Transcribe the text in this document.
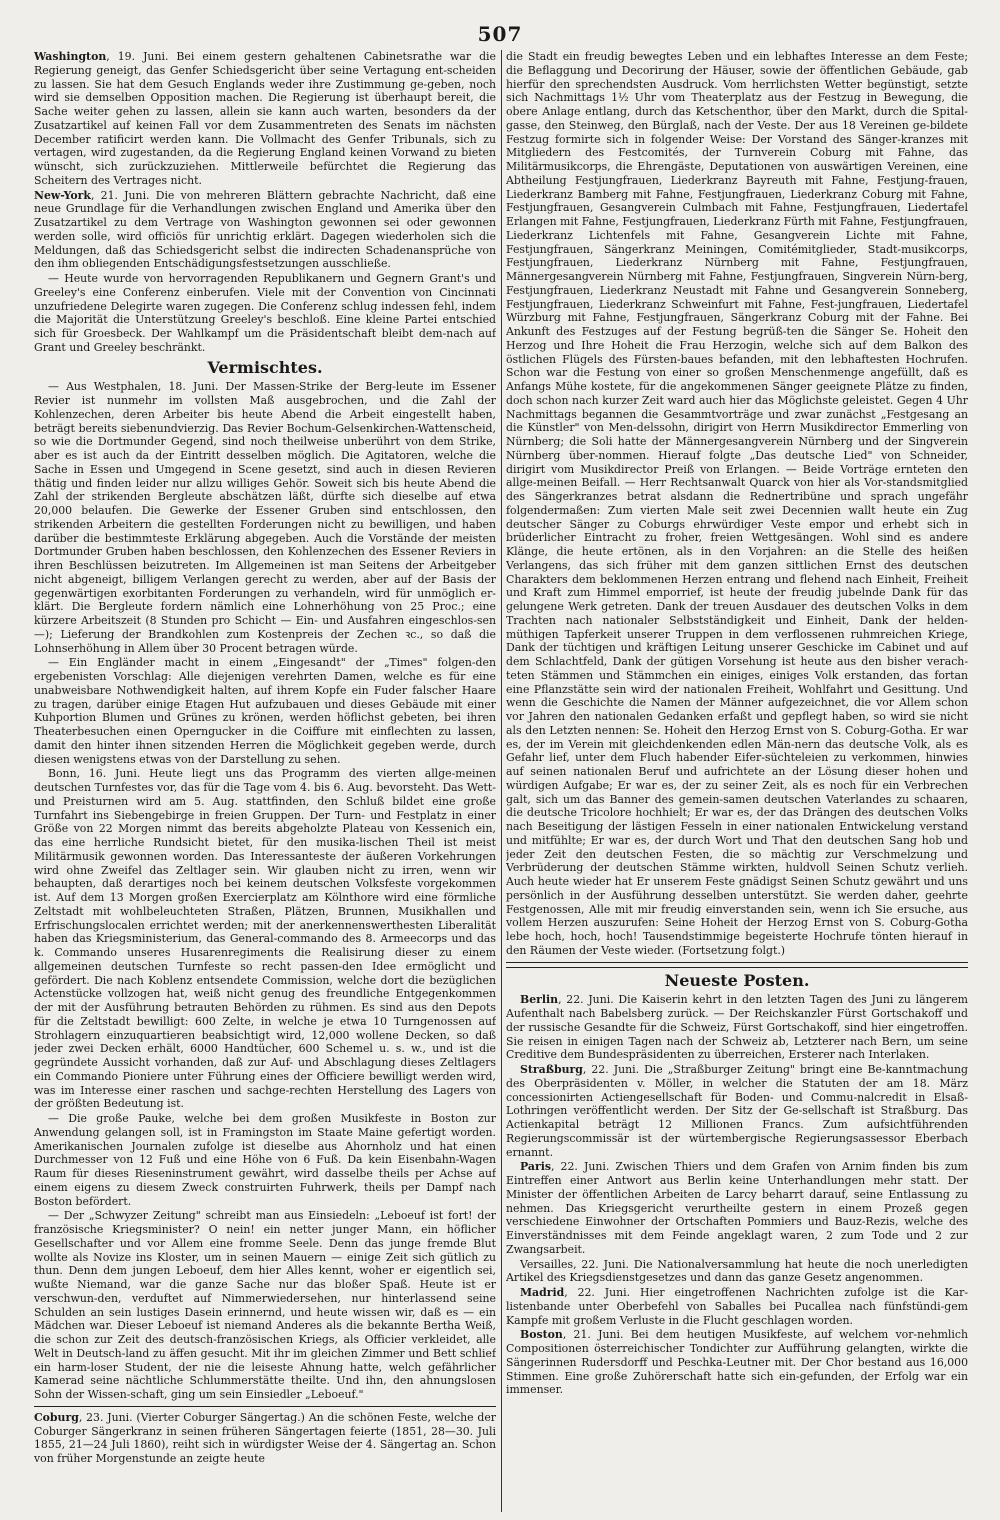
507

Washington, 19. Juni. Bei einem gestern gehaltenen Cabinetsrathe war die Regierung geneigt, das Genfer Schiedsgericht über seine Vertagung ent-scheiden zu lassen. Sie hat dem Gesuch Englands weder ihre Zustimmung ge-geben, noch wird sie demselben Opposition machen. Die Regierung ist überhaupt bereit, die Sache weiter gehen zu lassen, allein sie kann auch warten, besonders da der Zusatzartikel auf keinen Fall vor dem Zusammentreten des Senats im nächsten December ratificirt werden kann. Die Vollmacht des Genfer Tribunals, sich zu vertagen, wird zugestanden, da die Regierung England keinen Vorwand zu bieten wünscht, sich zurückzuziehen. Mittlerweile befürchtet die Regierung das Scheitern des Vertrages nicht.

New-York, 21. Juni. Die von mehreren Blättern gebrachte Nachricht, daß eine neue Grundlage für die Verhandlungen zwischen England und Amerika über den Zusatzartikel zu dem Vertrage von Washington gewonnen sei oder gewonnen werden solle, wird officiös für unrichtig erklärt. Dagegen wiederholen sich die Meldungen, daß das Schiedsgericht selbst die indirecten Schadenansprüche von den ihm obliegenden Entschädigungsfestsetzungen ausschließe.

— Heute wurde von hervorragenden Republikanern und Gegnern Grant's und Greeley's eine Conferenz einberufen. Viele mit der Convention von Cincinnati unzufriedene Delegirte waren zugegen. Die Conferenz schlug indessen fehl, indem die Majorität die Unterstützung Greeley's beschloß. Eine kleine Partei entschied sich für Groesbeck. Der Wahlkampf um die Präsidentschaft bleibt dem-nach auf Grant und Greeley beschränkt.

Vermischtes.

— Aus Westphalen, 18. Juni. Der Massen-Strike der Berg-leute im Essener Revier ist nunmehr im vollsten Maß ausgebrochen, und die Zahl der Kohlenzechen, deren Arbeiter bis heute Abend die Arbeit eingestellt haben, beträgt bereits siebenundvierzig. Das Revier Bochum-Gelsenkirchen-Wattenscheid, so wie die Dortmunder Gegend, sind noch theilweise unberührt von dem Strike, aber es ist auch da der Eintritt desselben möglich. Die Agitatoren, welche die Sache in Essen und Umgegend in Scene gesetzt, sind auch in diesen Revieren thätig und finden leider nur allzu williges Gehör. Soweit sich bis heute Abend die Zahl der strikenden Bergleute abschätzen läßt, dürfte sich dieselbe auf etwa 20,000 belaufen. Die Gewerke der Essener Gruben sind entschlossen, den strikenden Arbeitern die gestellten Forderungen nicht zu bewilligen, und haben darüber die bestimmteste Erklärung abgegeben. Auch die Vorstände der meisten Dortmunder Gruben haben beschlossen, den Kohlenzechen des Essener Reviers in ihren Beschlüssen beizutreten. Im Allgemeinen ist man Seitens der Arbeitgeber nicht abgeneigt, billigem Verlangen gerecht zu werden, aber auf der Basis der gegenwärtigen exorbitanten Forderungen zu verhandeln, wird für unmöglich er-klärt. Die Bergleute fordern nämlich eine Lohnerhöhung von 25 Proc.; eine kürzere Arbeitszeit (8 Stunden pro Schicht — Ein- und Ausfahren eingeschlos-sen —); Lieferung der Brandkohlen zum Kostenpreis der Zechen ꝛc., so daß die Lohnserhöhung in Allem über 30 Procent betragen würde.

— Ein Engländer macht in einem „Eingesandt" der „Times" folgen-den ergebenisten Vorschlag: Alle diejenigen verehrten Damen, welche es für eine unabweisbare Nothwendigkeit halten, auf ihrem Kopfe ein Fuder falscher Haare zu tragen, darüber einige Etagen Hut aufzubauen und dieses Gebäude mit einer Kuhportion Blumen und Grünes zu krönen, werden höflichst gebeten, bei ihren Theaterbesuchen einen Operngucker in die Coiffure mit einflechten zu lassen, damit den hinter ihnen sitzenden Herren die Möglichkeit gegeben werde, durch diesen wenigstens etwas von der Darstellung zu sehen.

Bonn, 16. Juni. Heute liegt uns das Programm des vierten allge-meinen deutschen Turnfestes vor, das für die Tage vom 4. bis 6. Aug. bevorsteht. Das Wett- und Preisturnen wird am 5. Aug. stattfinden, den Schluß bildet eine große Turnfahrt ins Siebengebirge in freien Gruppen. Der Turn- und Festplatz in einer Größe von 22 Morgen nimmt das bereits abgeholzte Plateau von Kessenich ein, das eine herrliche Rundsicht bietet, für den musika-lischen Theil ist meist Militärmusik gewonnen worden. Das Interessanteste der äußeren Vorkehrungen wird ohne Zweifel das Zeltlager sein. Wir glauben nicht zu irren, wenn wir behaupten, daß derartiges noch bei keinem deutschen Volksfeste vorgekommen ist. Auf dem 13 Morgen großen Exercierplatz am Kölnthore wird eine förmliche Zeltstadt mit wohlbeleuchteten Straßen, Plätzen, Brunnen, Musikhallen und Erfrischungslocalen errichtet werden; mit der anerkennenswerthesten Liberalität haben das Kriegsministerium, das General-commando des 8. Armeecorps und das k. Commando unseres Husarenregiments die Realisirung dieser zu einem allgemeinen deutschen Turnfeste so recht passen-den Idee ermöglicht und gefördert. Die nach Koblenz entsendete Commission, welche dort die bezüglichen Actenstücke vollzogen hat, weiß nicht genug des freundliche Entgegenkommen der mit der Ausführung betrauten Behörden zu rühmen. Es sind aus den Depots für die Zeltstadt bewilligt: 600 Zelte, in welche je etwa 10 Turngenossen auf Strohlagern einzuquartieren beabsichtigt wird, 12,000 wollene Decken, so daß jeder zwei Decken erhält, 6000 Handtücher, 600 Schemel u. s. w., und ist die gegründete Aussicht vorhanden, daß zur Auf- und Abschlagung dieses Zeltlagers ein Commando Pioniere unter Führung eines der Officiere bewilligt werden wird, was im Interesse einer raschen und sachge-rechten Herstellung des Lagers von der größten Bedeutung ist.

— Die große Pauke, welche bei dem großen Musikfeste in Boston zur Anwendung gelangen soll, ist in Framingston im Staate Maine gefertigt worden. Amerikanischen Journalen zufolge ist dieselbe aus Ahornholz und hat einen Durchmesser von 12 Fuß und eine Höhe von 6 Fuß. Da kein Eisenbahn-Wagen Raum für dieses Rieseninstrument gewährt, wird dasselbe theils per Achse auf einem eigens zu diesem Zweck construirten Fuhrwerk, theils per Dampf nach Boston befördert.

— Der „Schwyzer Zeitung" schreibt man aus Einsiedeln: „Leboeuf ist fort! der französische Kriegsminister? O nein! ein netter junger Mann, ein höflicher Gesellschafter und vor Allem eine fromme Seele. Denn das junge fremde Blut wollte als Novize ins Kloster, um in seinen Mauern — einige Zeit sich gütlich zu thun. Denn dem jungen Leboeuf, dem hier Alles kennt, woher er eigentlich sei, wußte Niemand, war die ganze Sache nur das bloßer Spaß. Heute ist er verschwun-den, verduftet auf Nimmerwiedersehen, nur hinterlassend seine Schulden an sein lustiges Dasein erinnernd, und heute wissen wir, daß es — ein Mädchen war. Dieser Leboeuf ist niemand Anderes als die bekannte Bertha Weiß, die schon zur Zeit des deutsch-französischen Kriegs, als Officier verkleidet, alle Welt in Deutsch-land zu äffen gesucht. Mit ihr im gleichen Zimmer und Bett schlief ein harm-loser Student, der nie die leiseste Ahnung hatte, welch gefährlicher Kamerad seine nächtliche Schlummerstätte theilte. Und ihn, den ahnungslosen Sohn der Wissen-schaft, ging um sein Einsiedler „Leboeuf."

Coburg, 23. Juni. (Vierter Coburger Sängertag.) An die schönen Feste, welche der Coburger Sängerkranz in seinen früheren Sängertagen feierte (1851, 28—30. Juli 1855, 21—24 Juli 1860), reiht sich in würdigster Weise der 4. Sängertag an. Schon von früher Morgenstunde an zeigte heute

die Stadt ein freudig bewegtes Leben und ein lebhaftes Interesse an dem Feste; die Beflaggung und Decorirung der Häuser, sowie der öffentlichen Gebäude, gab hierfür den sprechendsten Ausdruck. Vom herrlichsten Wetter begünstigt, setzte sich Nachmittags 1½ Uhr vom Theaterplatz aus der Festzug in Bewegung, die obere Anlage entlang, durch das Ketschenthor, über den Markt, durch die Spital-gasse, den Steinweg, den Bürglaß, nach der Veste. Der aus 18 Vereinen ge-bildete Festzug formirte sich in folgender Weise: Der Vorstand des Sänger-kranzes mit Mitgliedern des Festcomités, der Turnverein Coburg mit Fahne, das Militärmusikcorps, die Ehrengäste, Deputationen von auswärtigen Vereinen, eine Abtheilung Festjungfrauen, Liederkranz Bayreuth mit Fahne, Festjung-frauen, Liederkranz Bamberg mit Fahne, Festjungfrauen, Liederkranz Coburg mit Fahne, Festjungfrauen, Gesangverein Culmbach mit Fahne, Festjungfrauen, Liedertafel Erlangen mit Fahne, Festjungfrauen, Liederkranz Fürth mit Fahne, Festjungfrauen, Liederkranz Lichtenfels mit Fahne, Gesangverein Lichte mit Fahne, Festjungfrauen, Sängerkranz Meiningen, Comitémitglieder, Stadt-musikcorps, Festjungfrauen, Liederkranz Nürnberg mit Fahne, Festjungfrauen, Männergesangverein Nürnberg mit Fahne, Festjungfrauen, Singverein Nürn-berg, Festjungfrauen, Liederkranz Neustadt mit Fahne und Gesangverein Sonneberg, Festjungfrauen, Liederkranz Schweinfurt mit Fahne, Fest-jungfrauen, Liedertafel Würzburg mit Fahne, Festjungfrauen, Sängerkranz Coburg mit der Fahne. Bei Ankunft des Festzuges auf der Festung begrüß-ten die Sänger Se. Hoheit den Herzog und Ihre Hoheit die Frau Herzogin, welche sich auf dem Balkon des östlichen Flügels des Fürsten-baues befanden, mit den lebhaftesten Hochrufen. Schon war die Festung von einer so großen Menschenmenge angefüllt, daß es Anfangs Mühe kostete, für die angekommenen Sänger geeignete Plätze zu finden, doch schon nach kurzer Zeit ward auch hier das Möglichste geleistet. Gegen 4 Uhr Nachmittags begannen die Gesammtvorträge und zwar zunächst „Festgesang an die Künstler" von Men-delssohn, dirigirt von Herrn Musikdirector Emmerling von Nürnberg; die Soli hatte der Männergesangverein Nürnberg und der Singverein Nürnberg über-nommen. Hierauf folgte „Das deutsche Lied" von Schneider, dirigirt vom Musikdirector Preiß von Erlangen. — Beide Vorträge ernteten den allge-meinen Beifall. — Herr Rechtsanwalt Quarck von hier als Vor-standsmitglied des Sängerkranzes betrat alsdann die Rednertribüne und sprach ungefähr folgendermaßen: Zum vierten Male seit zwei Decennien wallt heute ein Zug deutscher Sänger zu Coburgs ehrwürdiger Veste empor und erhebt sich in brüderlicher Eintracht zu froher, freien Wettgesängen. Wohl sind es andere Klänge, die heute ertönen, als in den Vorjahren: an die Stelle des heißen Verlangens, das sich früher mit dem ganzen sittlichen Ernst des deutschen Charakters dem beklommenen Herzen entrang und flehend nach Einheit, Freiheit und Kraft zum Himmel emporrief, ist heute der freudig jubelnde Dank für das gelungene Werk getreten. Dank der treuen Ausdauer des deutschen Volks in dem Trachten nach nationaler Selbstständigkeit und Einheit, Dank der helden-müthigen Tapferkeit unserer Truppen in dem verflossenen ruhmreichen Kriege, Dank der tüchtigen und kräftigen Leitung unserer Geschicke im Cabinet und auf dem Schlachtfeld, Dank der gütigen Vorsehung ist heute aus den bisher verach-teten Stämmen und Stämmchen ein einiges, einiges Volk erstanden, das fortan eine Pflanzstätte sein wird der nationalen Freiheit, Wohlfahrt und Gesittung. Und wenn die Geschichte die Namen der Männer aufgezeichnet, die vor Allem schon vor Jahren den nationalen Gedanken erfaßt und gepflegt haben, so wird sie nicht als den Letzten nennen: Se. Hoheit den Herzog Ernst von S. Coburg-Gotha. Er war es, der im Verein mit gleichdenkenden edlen Män-nern das deutsche Volk, als es Gefahr lief, unter dem Fluch habender Eifer-süchteleien zu verkommen, hinwies auf seinen nationalen Beruf und aufrichtete an der Lösung dieser hohen und würdigen Aufgabe; Er war es, der zu seiner Zeit, als es noch für ein Verbrechen galt, sich um das Banner des gemein-samen deutschen Vaterlandes zu schaaren, die deutsche Tricolore hochhielt; Er war es, der das Drängen des deutschen Volks nach Beseitigung der lästigen Fesseln in einer nationalen Entwickelung verstand und mitfühlte; Er war es, der durch Wort und That den deutschen Sang hob und jeder Zeit den deutschen Festen, die so mächtig zur Verschmelzung und Verbrüderung der deutschen Stämme wirkten, huldvoll Seinen Schutz verlieh. Auch heute wieder hat Er unserem Feste gnädigst Seinen Schutz gewährt und uns persönlich in der Ausführung desselben unterstützt. Sie werden daher, geehrte Festgenossen, Alle mit mir freudig einverstanden sein, wenn ich Sie ersuche, aus vollem Herzen auszurufen: Seine Hoheit der Herzog Ernst von S. Coburg-Gotha lebe hoch, hoch, hoch! Tausendstimmige begeisterte Hochrufe tönten hierauf in den Räumen der Veste wieder. (Fortsetzung folgt.)

Neueste Posten.

Berlin, 22. Juni. Die Kaiserin kehrt in den letzten Tagen des Juni zu längerem Aufenthalt nach Babelsberg zurück. — Der Reichskanzler Fürst Gortschakoff und der russische Gesandte für die Schweiz, Fürst Gortschakoff, sind hier eingetroffen. Sie reisen in einigen Tagen nach der Schweiz ab, Letzterer nach Bern, um seine Creditive dem Bundespräsidenten zu überreichen, Ersterer nach Interlaken.

Straßburg, 22. Juni. Die „Straßburger Zeitung" bringt eine Be-kanntmachung des Oberpräsidenten v. Möller, in welcher die Statuten der am 18. März concessionirten Actiengesellschaft für Boden- und Commu-nalcredit in Elsaß-Lothringen veröffentlicht werden. Der Sitz der Ge-sellschaft ist Straßburg. Das Actienkapital beträgt 12 Millionen Francs. Zum aufsichtführenden Regierungscommissär ist der würtembergische Regierungsassessor Eberbach ernannt.

Paris, 22. Juni. Zwischen Thiers und dem Grafen von Arnim finden bis zum Eintreffen einer Antwort aus Berlin keine Unterhandlungen mehr statt. Der Minister der öffentlichen Arbeiten de Larcy beharrt darauf, seine Entlassung zu nehmen. Das Kriegsgericht verurtheilte gestern in einem Prozeß gegen verschiedene Einwohner der Ortschaften Pommiers und Bauz-Rezis, welche des Einverständnisses mit dem Feinde angeklagt waren, 2 zum Tode und 2 zur Zwangsarbeit.

Versailles, 22. Juni. Die Nationalversammlung hat heute die noch unerledigten Artikel des Kriegsdienstgesetzes und dann das ganze Gesetz angenommen.

Madrid, 22. Juni. Hier eingetroffenen Nachrichten zufolge ist die Kar-listenbande unter Oberbefehl von Saballes bei Pucallea nach fünfstündi-gem Kampfe mit großem Verluste in die Flucht geschlagen worden.

Boston, 21. Juni. Bei dem heutigen Musikfeste, auf welchem vor-nehmlich Compositionen österreichischer Tondichter zur Aufführung gelangten, wirkte die Sängerinnen Rudersdorff und Peschka-Leutner mit. Der Chor bestand aus 16,000 Stimmen. Eine große Zuhörerschaft hatte sich ein-gefunden, der Erfolg war ein immenser.
